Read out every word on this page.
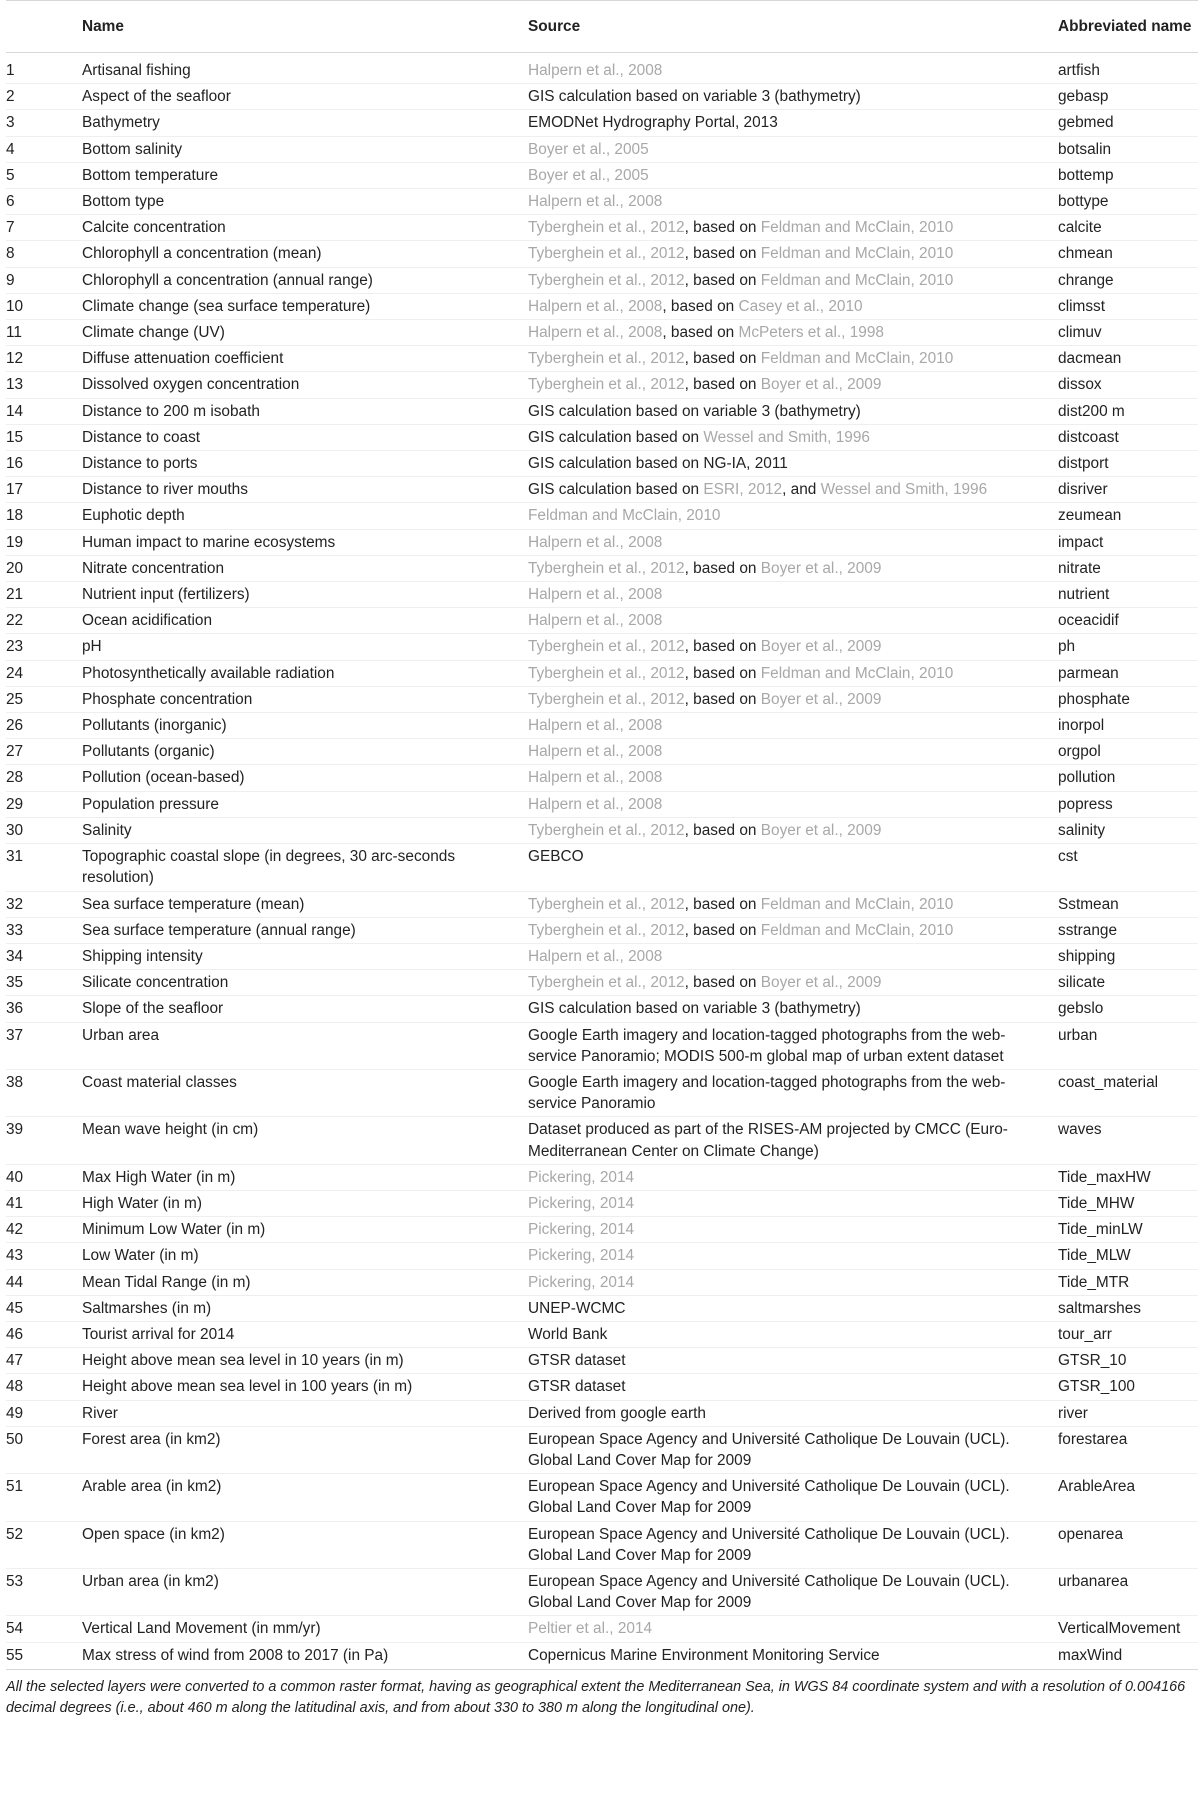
	Name	Source	Abbreviated name
1	Artisanal fishing	Halpern et al., 2008	artfish
2	Aspect of the seafloor	GIS calculation based on variable 3 (bathymetry)	gebasp
3	Bathymetry	EMODNet Hydrography Portal, 2013	gebmed
4	Bottom salinity	Boyer et al., 2005	botsalin
5	Bottom temperature	Boyer et al., 2005	bottemp
6	Bottom type	Halpern et al., 2008	bottype
7	Calcite concentration	Tyberghein et al., 2012, based on Feldman and McClain, 2010	calcite
8	Chlorophyll a concentration (mean)	Tyberghein et al., 2012, based on Feldman and McClain, 2010	chmean
9	Chlorophyll a concentration (annual range)	Tyberghein et al., 2012, based on Feldman and McClain, 2010	chrange
10	Climate change (sea surface temperature)	Halpern et al., 2008, based on Casey et al., 2010	climsst
11	Climate change (UV)	Halpern et al., 2008, based on McPeters et al., 1998	climuv
12	Diffuse attenuation coefficient	Tyberghein et al., 2012, based on Feldman and McClain, 2010	dacmean
13	Dissolved oxygen concentration	Tyberghein et al., 2012, based on Boyer et al., 2009	dissox
14	Distance to 200 m isobath	GIS calculation based on variable 3 (bathymetry)	dist200 m
15	Distance to coast	GIS calculation based on Wessel and Smith, 1996	distcoast
16	Distance to ports	GIS calculation based on NG-IA, 2011	distport
17	Distance to river mouths	GIS calculation based on ESRI, 2012, and Wessel and Smith, 1996	disriver
18	Euphotic depth	Feldman and McClain, 2010	zeumean
19	Human impact to marine ecosystems	Halpern et al., 2008	impact
20	Nitrate concentration	Tyberghein et al., 2012, based on Boyer et al., 2009	nitrate
21	Nutrient input (fertilizers)	Halpern et al., 2008	nutrient
22	Ocean acidification	Halpern et al., 2008	oceacidif
23	pH	Tyberghein et al., 2012, based on Boyer et al., 2009	ph
24	Photosynthetically available radiation	Tyberghein et al., 2012, based on Feldman and McClain, 2010	parmean
25	Phosphate concentration	Tyberghein et al., 2012, based on Boyer et al., 2009	phosphate
26	Pollutants (inorganic)	Halpern et al., 2008	inorpol
27	Pollutants (organic)	Halpern et al., 2008	orgpol
28	Pollution (ocean-based)	Halpern et al., 2008	pollution
29	Population pressure	Halpern et al., 2008	popress
30	Salinity	Tyberghein et al., 2012, based on Boyer et al., 2009	salinity
31	Topographic coastal slope (in degrees, 30 arc-seconds resolution)	GEBCO	cst
32	Sea surface temperature (mean)	Tyberghein et al., 2012, based on Feldman and McClain, 2010	Sstmean
33	Sea surface temperature (annual range)	Tyberghein et al., 2012, based on Feldman and McClain, 2010	sstrange
34	Shipping intensity	Halpern et al., 2008	shipping
35	Silicate concentration	Tyberghein et al., 2012, based on Boyer et al., 2009	silicate
36	Slope of the seafloor	GIS calculation based on variable 3 (bathymetry)	gebslo
37	Urban area	Google Earth imagery and location-tagged photographs from the web-service Panoramio; MODIS 500-m global map of urban extent dataset	urban
38	Coast material classes	Google Earth imagery and location-tagged photographs from the web-service Panoramio	coast_material
39	Mean wave height (in cm)	Dataset produced as part of the RISES-AM projected by CMCC (Euro-Mediterranean Center on Climate Change)	waves
40	Max High Water (in m)	Pickering, 2014	Tide_maxHW
41	High Water (in m)	Pickering, 2014	Tide_MHW
42	Minimum Low Water (in m)	Pickering, 2014	Tide_minLW
43	Low Water (in m)	Pickering, 2014	Tide_MLW
44	Mean Tidal Range (in m)	Pickering, 2014	Tide_MTR
45	Saltmarshes (in m)	UNEP-WCMC	saltmarshes
46	Tourist arrival for 2014	World Bank	tour_arr
47	Height above mean sea level in 10 years (in m)	GTSR dataset	GTSR_10
48	Height above mean sea level in 100 years (in m)	GTSR dataset	GTSR_100
49	River	Derived from google earth	river
50	Forest area (in km2)	European Space Agency and Université Catholique De Louvain (UCL). Global Land Cover Map for 2009	forestarea
51	Arable area (in km2)	European Space Agency and Université Catholique De Louvain (UCL). Global Land Cover Map for 2009	ArableArea
52	Open space (in km2)	European Space Agency and Université Catholique De Louvain (UCL). Global Land Cover Map for 2009	openarea
53	Urban area (in km2)	European Space Agency and Université Catholique De Louvain (UCL). Global Land Cover Map for 2009	urbanarea
54	Vertical Land Movement (in mm/yr)	Peltier et al., 2014	VerticalMovement
55	Max stress of wind from 2008 to 2017 (in Pa)	Copernicus Marine Environment Monitoring Service	maxWind
All the selected layers were converted to a common raster format, having as geographical extent the Mediterranean Sea, in WGS 84 coordinate system and with a resolution of 0.004166 decimal degrees (i.e., about 460 m along the latitudinal axis, and from about 330 to 380 m along the longitudinal one).
